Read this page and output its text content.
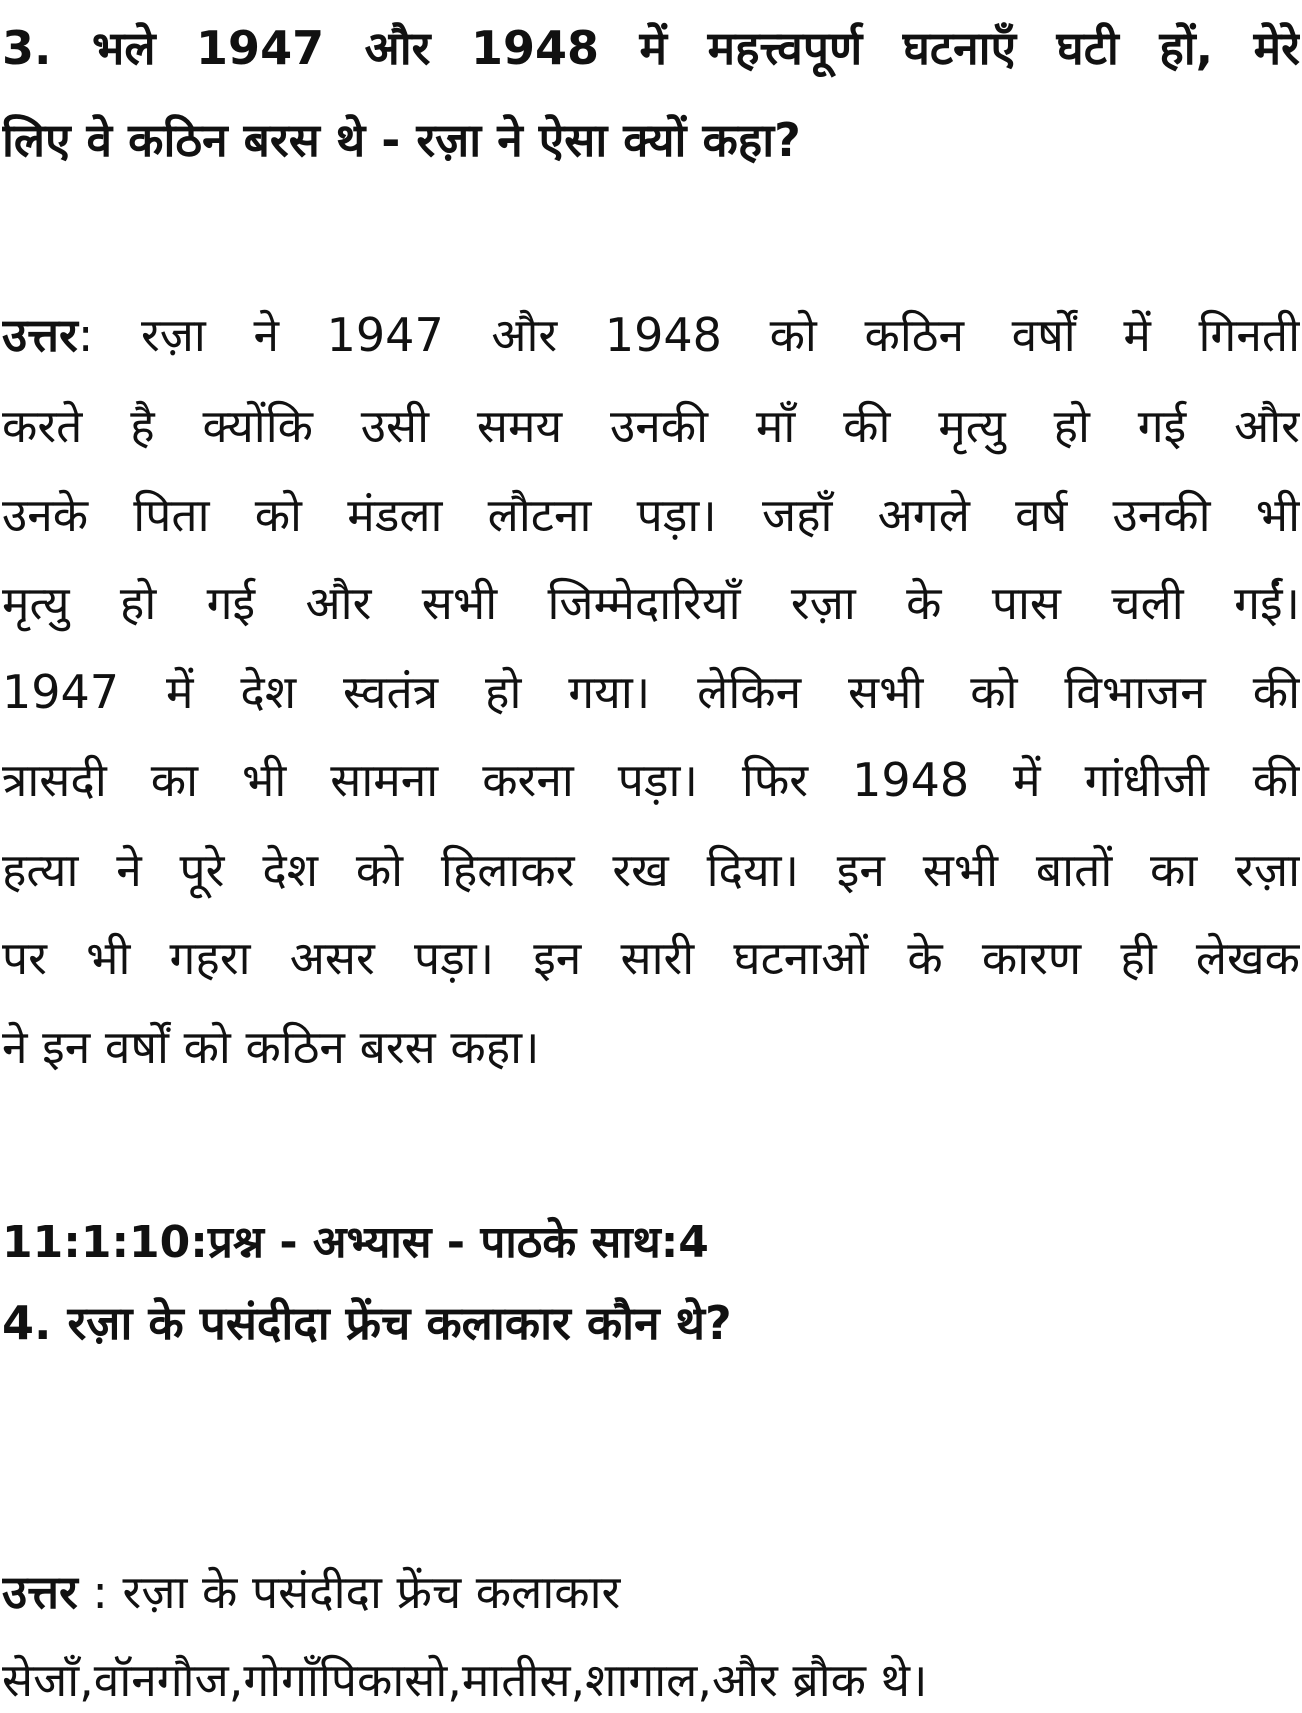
3. भले 1947 और 1948 में महत्त्वपूर्ण घटनाएँ घटी हों, मेरे
लिए वे कठिन बरस थे - रज़ा ने ऐसा क्यों कहा?
उत्तर: रज़ा ने 1947 और 1948 को कठिन वर्षों में गिनती
करते है क्योंकि उसी समय उनकी माँ की मृत्यु हो गई और
उनके पिता को मंडला लौटना पड़ा। जहाँ अगले वर्ष उनकी भी
मृत्यु हो गई और सभी जिम्मेदारियाँ रज़ा के पास चली गईं।
1947 में देश स्वतंत्र हो गया। लेकिन सभी को विभाजन की
त्रासदी का भी सामना करना पड़ा। फिर 1948 में गांधीजी की
हत्या ने पूरे देश को हिलाकर रख दिया। इन सभी बातों का रज़ा
पर भी गहरा असर पड़ा। इन सारी घटनाओं के कारण ही लेखक
ने इन वर्षों को कठिन बरस कहा।
11:1:10:प्रश्न - अभ्यास - पाठके साथ:4
4. रज़ा के पसंदीदा फ्रेंच कलाकार कौन थे?
उत्तर : रज़ा के पसंदीदा फ्रेंच कलाकार
सेजाँ,वॉनगौज,गोगाँपिकासो,मातीस,शागाल,और ब्रौक थे।
